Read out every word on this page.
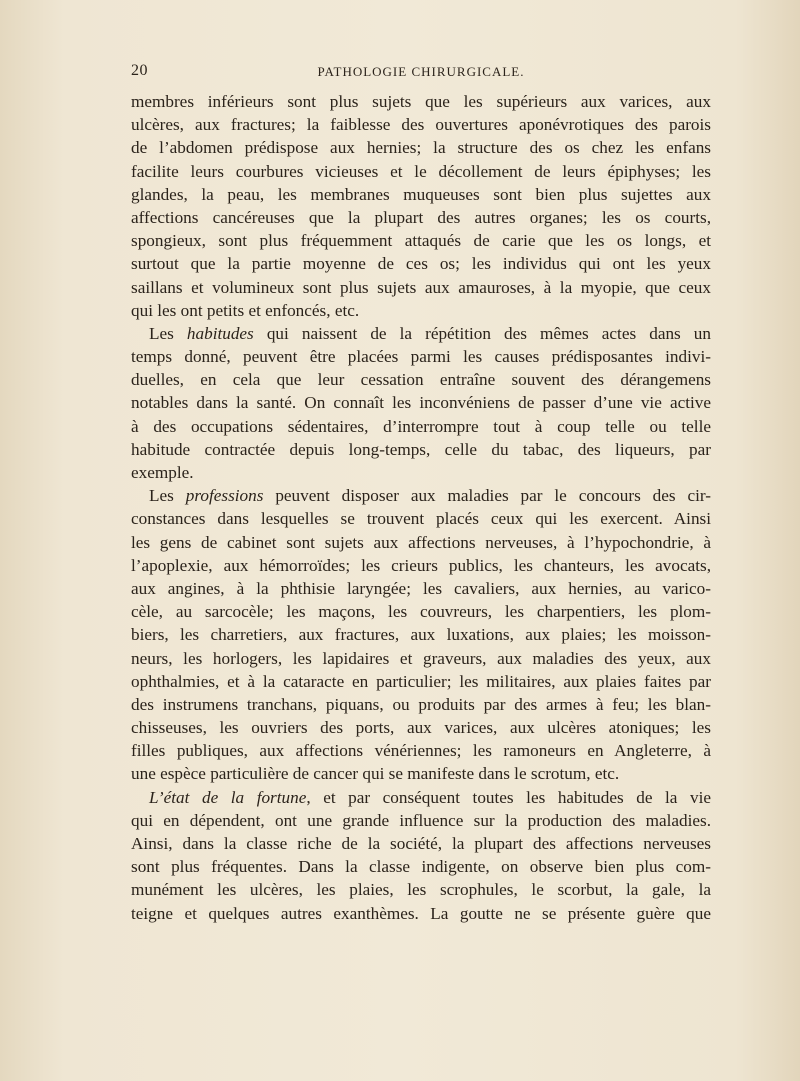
20	PATHOLOGIE CHIRURGICALE.
membres inférieurs sont plus sujets que les supérieurs aux varices, aux
ulcères, aux fractures; la faiblesse des ouvertures aponévrotiques des parois
de l’abdomen prédispose aux hernies; la structure des os chez les enfans
facilite leurs courbures vicieuses et le décollement de leurs épiphyses; les
glandes, la peau, les membranes muqueuses sont bien plus sujettes aux
affections cancéreuses que la plupart des autres organes; les os courts,
spongieux, sont plus fréquemment attaqués de carie que les os longs, et
surtout que la partie moyenne de ces os; les individus qui ont les yeux
saillans et volumineux sont plus sujets aux amauroses, à la myopie, que ceux
qui les ont petits et enfoncés, etc.
Les habitudes qui naissent de la répétition des mêmes actes dans un
temps donné, peuvent être placées parmi les causes prédisposantes indivi-
duelles, en cela que leur cessation entraîne souvent des dérangemens
notables dans la santé. On connaît les inconvéniens de passer d’une vie active
à des occupations sédentaires, d’interrompre tout à coup telle ou telle
habitude contractée depuis long-temps, celle du tabac, des liqueurs, par
exemple.
Les professions peuvent disposer aux maladies par le concours des cir-
constances dans lesquelles se trouvent placés ceux qui les exercent. Ainsi
les gens de cabinet sont sujets aux affections nerveuses, à l’hypochondrie, à
l’apoplexie, aux hémorroïdes; les crieurs publics, les chanteurs, les avocats,
aux angines, à la phthisie laryngée; les cavaliers, aux hernies, au varico-
cèle, au sarcocèle; les maçons, les couvreurs, les charpentiers, les plom-
biers, les charretiers, aux fractures, aux luxations, aux plaies; les moisson-
neurs, les horlogers, les lapidaires et graveurs, aux maladies des yeux, aux
ophthalmies, et à la cataracte en particulier; les militaires, aux plaies faites par
des instrumens tranchans, piquans, ou produits par des armes à feu; les blan-
chisseuses, les ouvriers des ports, aux varices, aux ulcères atoniques; les
filles publiques, aux affections vénériennes; les ramoneurs en Angleterre, à
une espèce particulière de cancer qui se manifeste dans le scrotum, etc.
L’état de la fortune, et par conséquent toutes les habitudes de la vie
qui en dépendent, ont une grande influence sur la production des maladies.
Ainsi, dans la classe riche de la société, la plupart des affections nerveuses
sont plus fréquentes. Dans la classe indigente, on observe bien plus com-
munément les ulcères, les plaies, les scrophules, le scorbut, la gale, la
teigne et quelques autres exanthèmes. La goutte ne se présente guère que
